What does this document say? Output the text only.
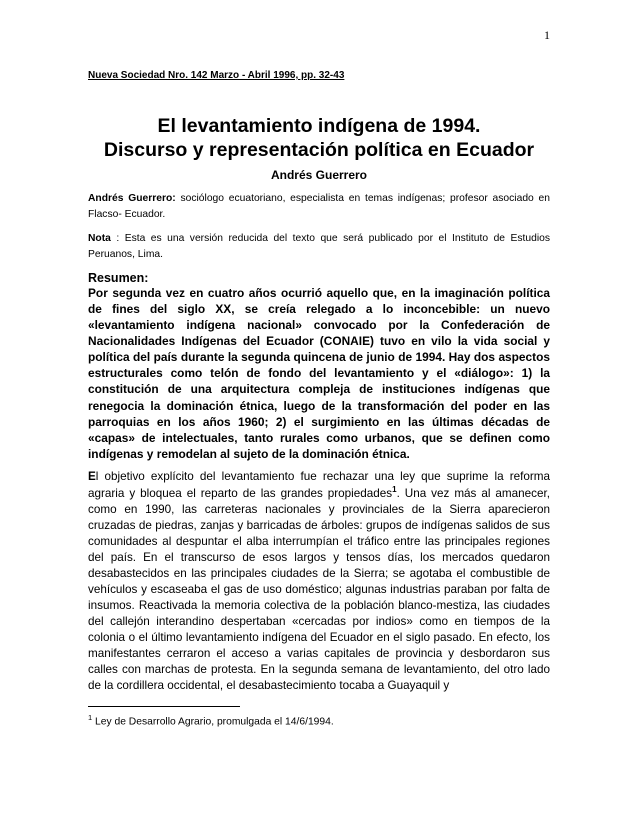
1

Nueva Sociedad Nro. 142 Marzo - Abril 1996, pp. 32-43

El levantamiento indígena de 1994.
Discurso y representación política en Ecuador

Andrés Guerrero

Andrés Guerrero: sociólogo ecuatoriano, especialista en temas indígenas; profesor asociado en Flacso- Ecuador.

Nota : Esta es una versión reducida del texto que será publicado por el Instituto de Estudios Peruanos, Lima.

Resumen:

Por segunda vez en cuatro años ocurrió aquello que, en la imaginación política de fines del siglo XX, se creía relegado a lo inconcebible: un nuevo «levantamiento indígena nacional» convocado por la Confederación de Nacionalidades Indígenas del Ecuador (CONAIE) tuvo en vilo la vida social y política del país durante la segunda quincena de junio de 1994. Hay dos aspectos estructurales como telón de fondo del levantamiento y el «diálogo»: 1) la constitución de una arquitectura compleja de instituciones indígenas que renegocia la dominación étnica, luego de la transformación del poder en las parroquias en los años 1960; 2) el surgimiento en las últimas décadas de «capas» de intelectuales, tanto rurales como urbanos, que se definen como indígenas y remodelan al sujeto de la dominación étnica.

El objetivo explícito del levantamiento fue rechazar una ley que suprime la reforma agraria y bloquea el reparto de las grandes propiedades$^1$. Una vez más al amanecer, como en 1990, las carreteras nacionales y provinciales de la Sierra aparecieron cruzadas de piedras, zanjas y barricadas de árboles: grupos de indígenas salidos de sus comunidades al despuntar el alba interrumpían el tráfico entre las principales regiones del país. En el transcurso de esos largos y tensos días, los mercados quedaron desabastecidos en las principales ciudades de la Sierra; se agotaba el combustible de vehículos y escaseaba el gas de uso doméstico; algunas industrias paraban por falta de insumos. Reactivada la memoria colectiva de la población blanco-mestiza, las ciudades del callejón interandino despertaban «cercadas por indios» como en tiempos de la colonia o el último levantamiento indígena del Ecuador en el siglo pasado. En efecto, los manifestantes cerraron el acceso a varias capitales de provincia y desbordaron sus calles con marchas de protesta. En la segunda semana de levantamiento, del otro lado de la cordillera occidental, el desabastecimiento tocaba a Guayaquil y

$^1$ Ley de Desarrollo Agrario, promulgada el 14/6/1994.
